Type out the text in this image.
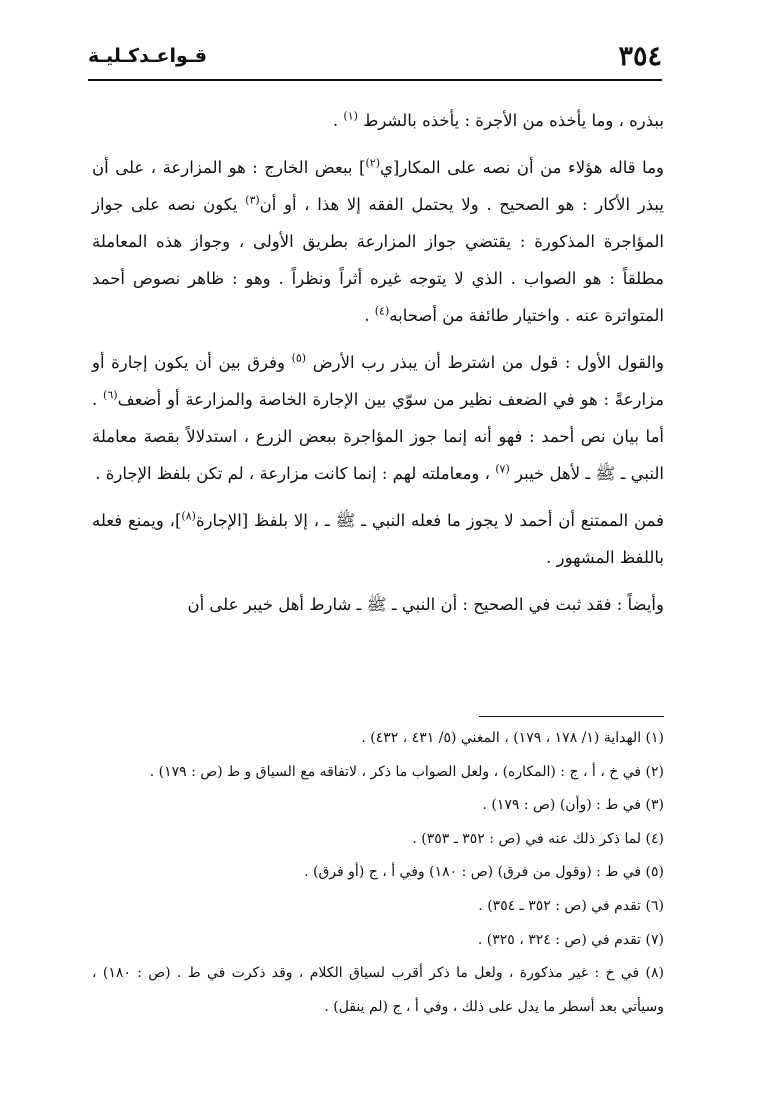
٣٥٤
قـواعـدكـليـة

ببذره ، وما يأخذه من الأجرة : يأخذه بالشرط $^{(١)}$ .

وما قاله هؤلاء من أن نصه على المكار[ي$^{(٢)}$] ببعض الخارج : هو المزارعة ، على أن يبذر الأكار : هو الصحيح . ولا يحتمل الفقه إلا هذا ، أو أن$^{(٣)}$ يكون نصه على جواز المؤاجرة المذكورة : يقتضي جواز المزارعة بطريق الأولى ، وجواز هذه المعاملة مطلقاً : هو الصواب . الذي لا يتوجه غيره أثراً ونظراً . وهو : ظاهر نصوص أحمد المتواترة عنه . واختيار طائفة من أصحابه$^{(٤)}$ .

والقول الأول : قول من اشترط أن يبذر رب الأرض $^{(٥)}$ وفرق بين أن يكون إجارة أو مزارعةً : هو في الضعف نظير من سوّي بين الإجارة الخاصة والمزارعة أو أضعف$^{(٦)}$ . أما بيان نص أحمد : فهو أنه إنما جوز المؤاجرة ببعض الزرع ، استدلالاً بقصة معاملة النبي ـ ﷺ ـ لأهل خيبر $^{(٧)}$ ، ومعاملته لهم : إنما كانت مزارعة ، لم تكن بلفظ الإجارة .

فمن الممتنع أن أحمد لا يجوز ما فعله النبي ـ ﷺ ـ ، إلا بلفظ [الإجارة$^{(٨)}$]، ويمنع فعله باللفظ المشهور .

وأيضاً : فقد ثبت في الصحيح : أن النبي ـ ﷺ ـ شارط أهل خيبر على أن

(١) الهداية (١/ ١٧٨ ، ١٧٩) ، المغني (٥/ ٤٣١ ، ٤٣٢) .

(٢) في خ ، أ ، ج : (المكاره) ، ولعل الصواب ما ذكر ، لاتفاقه مع السياق و ط (ص : ١٧٩) .

(٣) في ط : (وأن) (ص : ١٧٩) .

(٤) لما ذكر ذلك عنه في (ص : ٣٥٢ ـ ٣٥٣) .

(٥) في ط : (وقول من فرق) (ص : ١٨٠) وفي أ ، ج (أو فرق) .

(٦) تقدم في (ص : ٣٥٢ ـ ٣٥٤) .

(٧) تقدم في (ص : ٣٢٤ ، ٣٢٥) .

(٨) في خ : غير مذكورة ، ولعل ما ذكر أقرب لسياق الكلام ، وقد ذكرت في ط . (ص : ١٨٠) ، وسيأتي بعد أسطر ما يدل على ذلك ، وفي أ ، ج (لم ينقل) .
